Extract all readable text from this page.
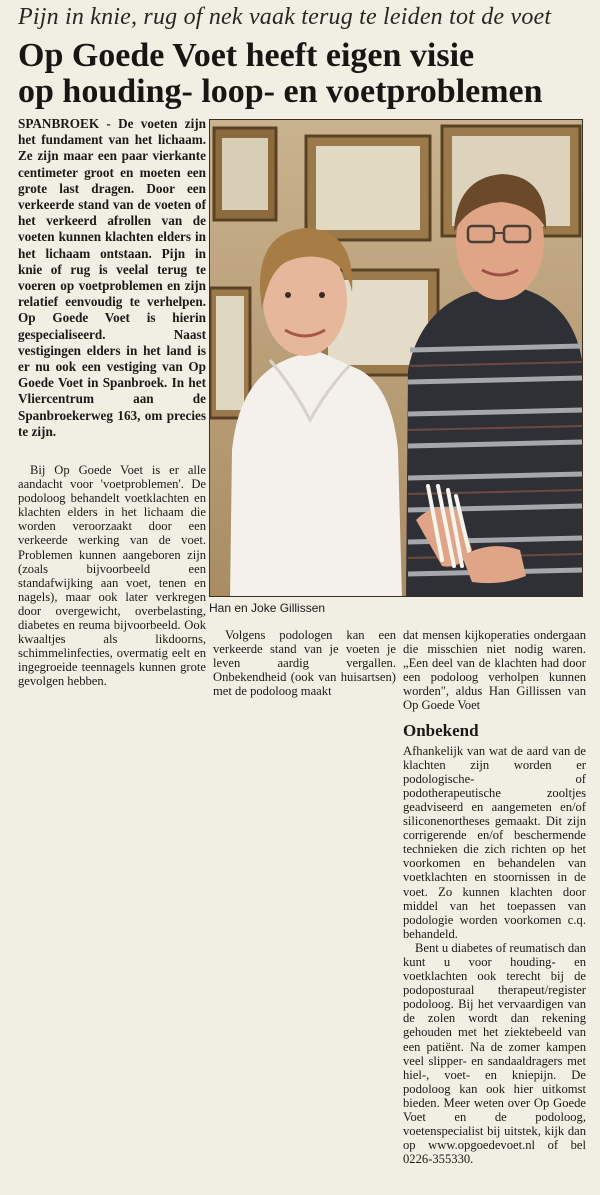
Pijn in knie, rug of nek vaak terug te leiden tot de voet
Op Goede Voet heeft eigen visie
op houding- loop- en voetproblemen
SPANBROEK - De voeten zijn het fundament van het lichaam. Ze zijn maar een paar vierkante centimeter groot en moeten een grote last dragen. Door een verkeerde stand van de voeten of het verkeerd afrollen van de voeten kunnen klachten elders in het lichaam ontstaan. Pijn in knie of rug is veelal terug te voeren op voetproblemen en zijn relatief eenvoudig te verhelpen. Op Goede Voet is hierin gespecialiseerd. Naast vestigingen elders in het land is er nu ook een vestiging van Op Goede Voet in Spanbroek. In het Vliercentrum aan de Spanbroekerweg 163, om precies te zijn.

Bij Op Goede Voet is er alle aandacht voor 'voetproblemen'. De podoloog behandelt voetklachten en klachten elders in het lichaam die worden veroorzaakt door een verkeerde werking van de voet. Problemen kunnen aangeboren zijn (zoals bijvoorbeeld een standafwijking aan voet, tenen en nagels), maar ook later verkregen door overgewicht, overbelasting, diabetes en reuma bijvoorbeeld. Ook kwaaltjes als likdoorns, schimmelinfecties, overmatig eelt en ingegroeide teennagels kunnen grote gevolgen hebben.

Han en Joke Gillissen

Volgens podologen kan een verkeerde stand van je voeten je leven aardig vergallen. Onbekendheid (ook van huisartsen) met de podoloog maakt

dat mensen kijkoperaties ondergaan die misschien niet nodig waren. „Een deel van de klachten had door een podoloog verholpen kunnen worden", aldus Han Gillissen van Op Goede Voet

Onbekend

Afhankelijk van wat de aard van de klachten zijn worden er podologische- of podotherapeutische zooltjes geadviseerd en aangemeten en/of siliconenortheses gemaakt. Dit zijn corrigerende en/of beschermende technieken die zich richten op het voorkomen en behandelen van voetklachten en stoornissen in de voet. Zo kunnen klachten door middel van het toepassen van podologie worden voorkomen c.q. behandeld.

Bent u diabetes of reumatisch dan kunt u voor houding- en voetklachten ook terecht bij de podoposturaal therapeut/register podoloog. Bij het vervaardigen van de zolen wordt dan rekening gehouden met het ziektebeeld van een patiënt. Na de zomer kampen veel slipper- en sandaaldragers met hiel-, voet- en kniepijn. De podoloog kan ook hier uitkomst bieden. Meer weten over Op Goede Voet en de podoloog, voetenspecialist bij uitstek, kijk dan op www.opgoedevoet.nl of bel 0226-355330.
